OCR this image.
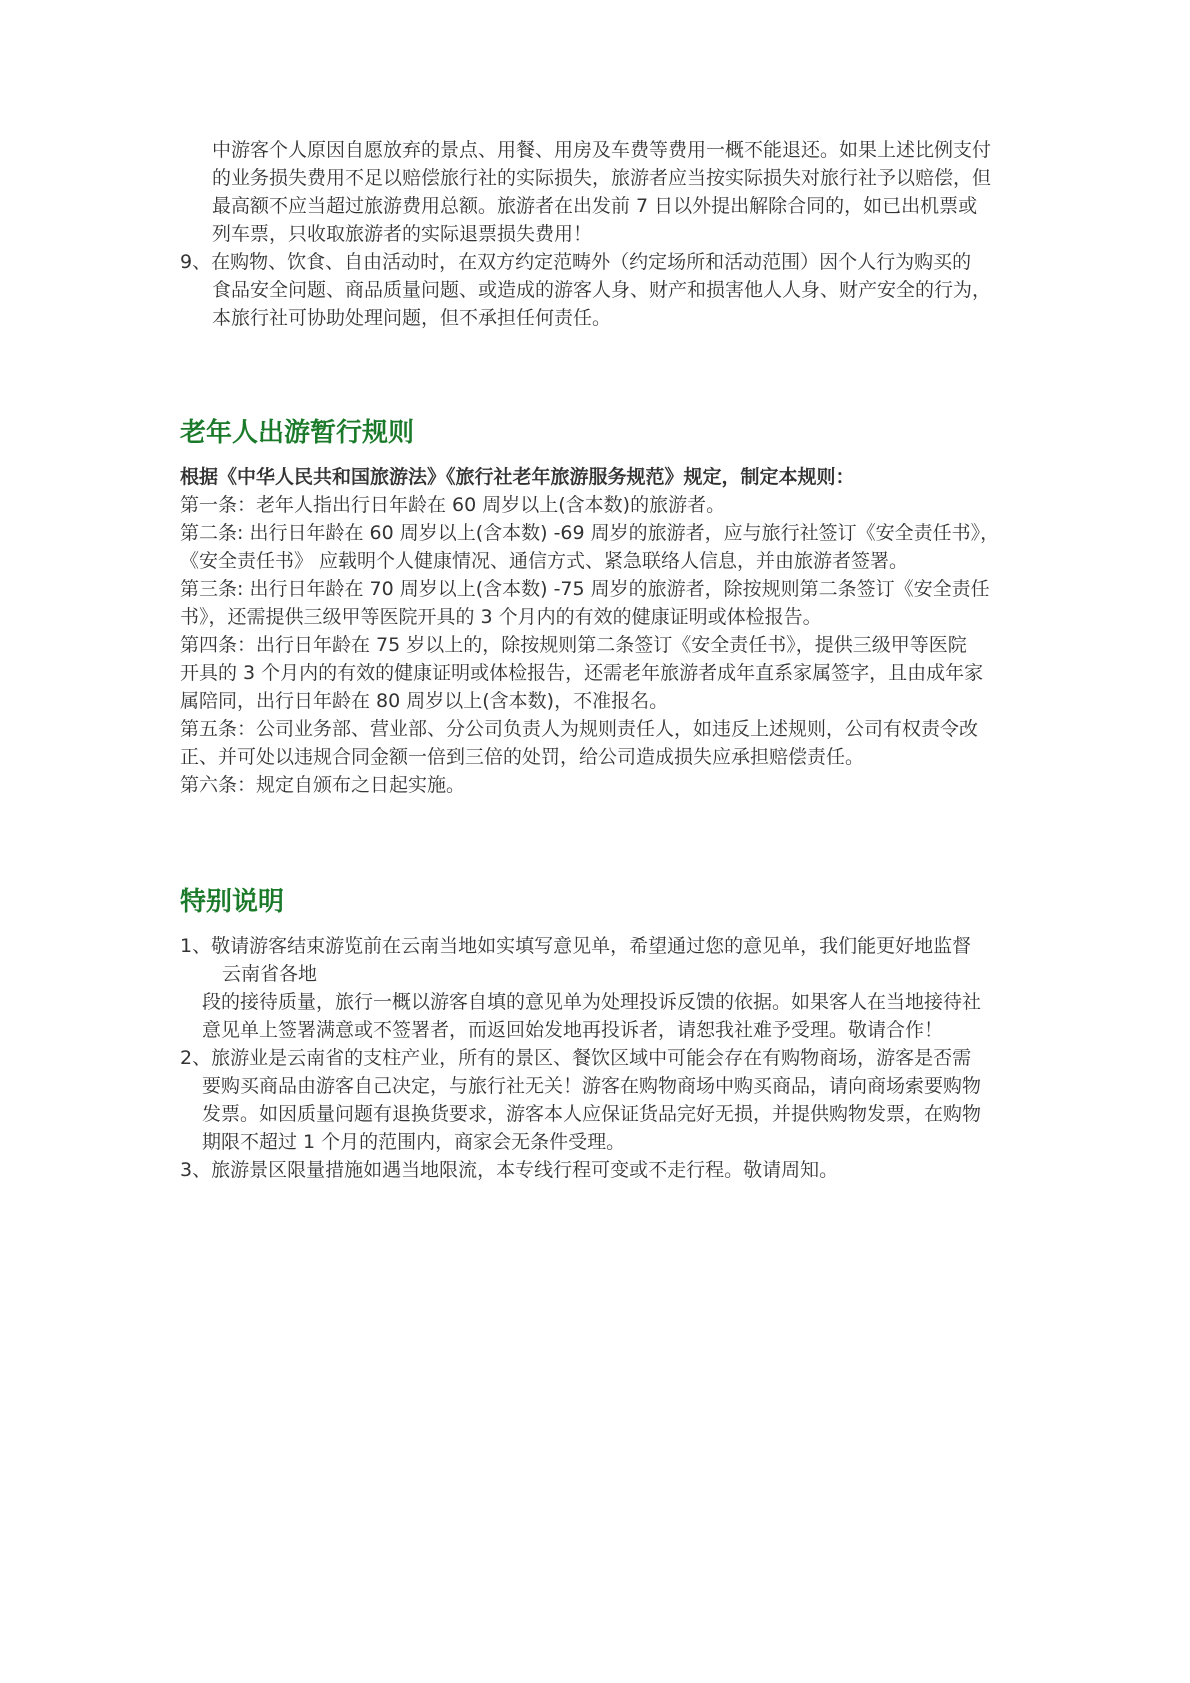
中游客个人原因自愿放弃的景点、用餐、用房及车费等费用一概不能退还。如果上述比例支付
的业务损失费用不足以赔偿旅行社的实际损失，旅游者应当按实际损失对旅行社予以赔偿，但
最高额不应当超过旅游费用总额。旅游者在出发前 7 日以外提出解除合同的，如已出机票或
列车票，只收取旅游者的实际退票损失费用！
9、在购物、饮食、自由活动时，在双方约定范畴外（约定场所和活动范围）因个人行为购买的
食品安全问题、商品质量问题、或造成的游客人身、财产和损害他人人身、财产安全的行为，
本旅行社可协助处理问题，但不承担任何责任。
老年人出游暂行规则
根据《中华人民共和国旅游法》《旅行社老年旅游服务规范》规定，制定本规则：
第一条：老年人指出行日年龄在 60 周岁以上(含本数)的旅游者。
第二条: 出行日年龄在 60 周岁以上(含本数) -69 周岁的旅游者，应与旅行社签订《安全责任书》，
《安全责任书》 应载明个人健康情况、通信方式、紧急联络人信息，并由旅游者签署。
第三条: 出行日年龄在 70 周岁以上(含本数) -75 周岁的旅游者，除按规则第二条签订《安全责任
书》，还需提供三级甲等医院开具的 3 个月内的有效的健康证明或体检报告。
第四条：出行日年龄在 75 岁以上的，除按规则第二条签订《安全责任书》，提供三级甲等医院
开具的 3 个月内的有效的健康证明或体检报告，还需老年旅游者成年直系家属签字，且由成年家
属陪同，出行日年龄在 80 周岁以上(含本数)，不准报名。
第五条：公司业务部、营业部、分公司负责人为规则责任人，如违反上述规则，公司有权责令改
正、并可处以违规合同金额一倍到三倍的处罚，给公司造成损失应承担赔偿责任。
第六条：规定自颁布之日起实施。
特别说明
1、敬请游客结束游览前在云南当地如实填写意见单，希望通过您的意见单，我们能更好地监督
云南省各地
段的接待质量，旅行一概以游客自填的意见单为处理投诉反馈的依据。如果客人在当地接待社
意见单上签署满意或不签署者，而返回始发地再投诉者，请恕我社难予受理。敬请合作！
2、旅游业是云南省的支柱产业，所有的景区、餐饮区域中可能会存在有购物商场，游客是否需
要购买商品由游客自己决定，与旅行社无关！游客在购物商场中购买商品，请向商场索要购物
发票。如因质量问题有退换货要求，游客本人应保证货品完好无损，并提供购物发票，在购物
期限不超过 1 个月的范围内，商家会无条件受理。
3、旅游景区限量措施如遇当地限流，本专线行程可变或不走行程。敬请周知。
